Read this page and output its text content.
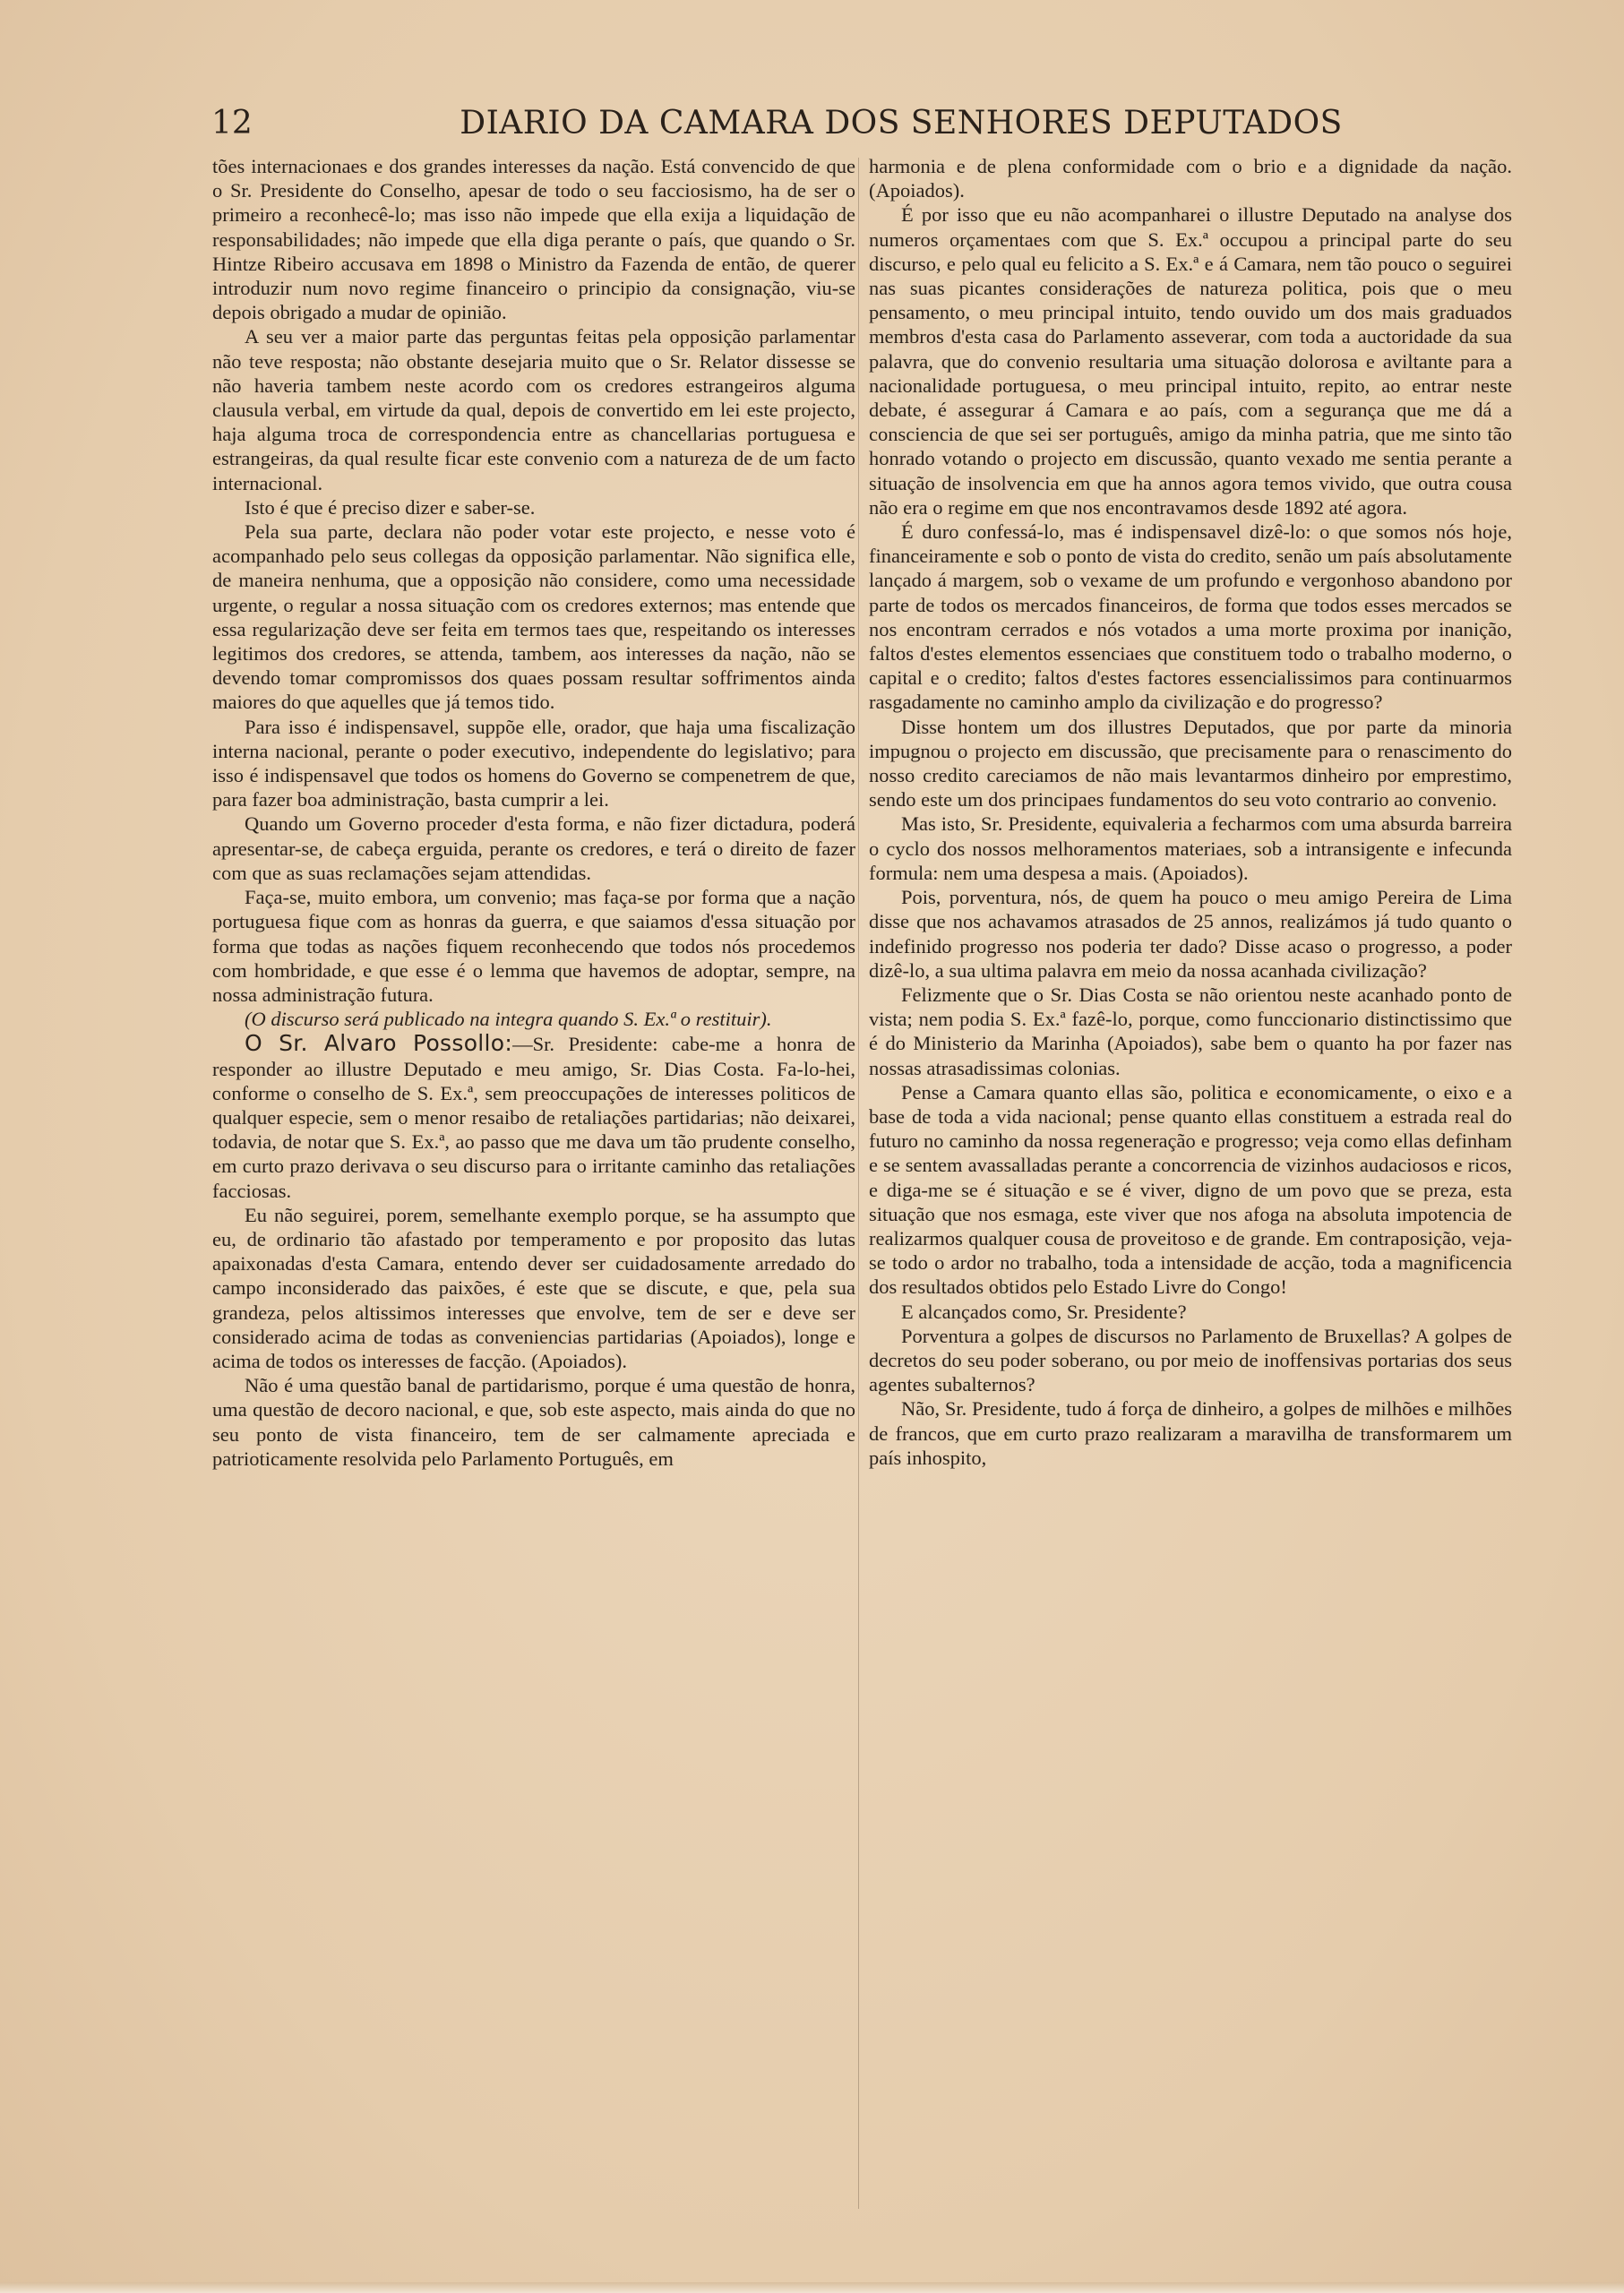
12	DIARIO DA CAMARA DOS SENHORES DEPUTADOS

tões internacionaes e dos grandes interesses da nação. Está convencido de que o Sr. Presidente do Conselho, apesar de todo o seu facciosismo, ha de ser o primeiro a reconhecê-lo; mas isso não impede que ella exija a liquidação de responsabilidades; não impede que ella diga perante o país, que quando o Sr. Hintze Ribeiro accusava em 1898 o Ministro da Fazenda de então, de querer introduzir num novo regime financeiro o principio da consignação, viu-se depois obrigado a mudar de opinião.

A seu ver a maior parte das perguntas feitas pela opposição parlamentar não teve resposta; não obstante desejaria muito que o Sr. Relator dissesse se não haveria tambem neste acordo com os credores estrangeiros alguma clausula verbal, em virtude da qual, depois de convertido em lei este projecto, haja alguma troca de correspondencia entre as chancellarias portuguesa e estrangeiras, da qual resulte ficar este convenio com a natureza de de um facto internacional.

Isto é que é preciso dizer e saber-se.

Pela sua parte, declara não poder votar este projecto, e nesse voto é acompanhado pelo seus collegas da opposição parlamentar. Não significa elle, de maneira nenhuma, que a opposição não considere, como uma necessidade urgente, o regular a nossa situação com os credores externos; mas entende que essa regularização deve ser feita em termos taes que, respeitando os interesses legitimos dos credores, se attenda, tambem, aos interesses da nação, não se devendo tomar compromissos dos quaes possam resultar soffrimentos ainda maiores do que aquelles que já temos tido.

Para isso é indispensavel, suppõe elle, orador, que haja uma fiscalização interna nacional, perante o poder executivo, independente do legislativo; para isso é indispensavel que todos os homens do Governo se compenetrem de que, para fazer boa administração, basta cumprir a lei.

Quando um Governo proceder d'esta forma, e não fizer dictadura, poderá apresentar-se, de cabeça erguida, perante os credores, e terá o direito de fazer com que as suas reclamações sejam attendidas.

Faça-se, muito embora, um convenio; mas faça-se por forma que a nação portuguesa fique com as honras da guerra, e que saiamos d'essa situação por forma que todas as nações fiquem reconhecendo que todos nós procedemos com hombridade, e que esse é o lemma que havemos de adoptar, sempre, na nossa administração futura.

(O discurso será publicado na integra quando S. Ex.ª o restituir).

O Sr. Alvaro Possollo:—Sr. Presidente: cabe-me a honra de responder ao illustre Deputado e meu amigo, Sr. Dias Costa. Fa-lo-hei, conforme o conselho de S. Ex.ª, sem preoccupações de interesses politicos de qualquer especie, sem o menor resaibo de retaliações partidarias; não deixarei, todavia, de notar que S. Ex.ª, ao passo que me dava um tão prudente conselho, em curto prazo derivava o seu discurso para o irritante caminho das retaliações facciosas.

Eu não seguirei, porem, semelhante exemplo porque, se ha assumpto que eu, de ordinario tão afastado por temperamento e por proposito das lutas apaixonadas d'esta Camara, entendo dever ser cuidadosamente arredado do campo inconsiderado das paixões, é este que se discute, e que, pela sua grandeza, pelos altissimos interesses que envolve, tem de ser e deve ser considerado acima de todas as conveniencias partidarias (Apoiados), longe e acima de todos os interesses de facção. (Apoiados).

Não é uma questão banal de partidarismo, porque é uma questão de honra, uma questão de decoro nacional, e que, sob este aspecto, mais ainda do que no seu ponto de vista financeiro, tem de ser calmamente apreciada e patrioticamente resolvida pelo Parlamento Português, em

harmonia e de plena conformidade com o brio e a dignidade da nação. (Apoiados).

É por isso que eu não acompanharei o illustre Deputado na analyse dos numeros orçamentaes com que S. Ex.ª occupou a principal parte do seu discurso, e pelo qual eu felicito a S. Ex.ª e á Camara, nem tão pouco o seguirei nas suas picantes considerações de natureza politica, pois que o meu pensamento, o meu principal intuito, tendo ouvido um dos mais graduados membros d'esta casa do Parlamento asseverar, com toda a auctoridade da sua palavra, que do convenio resultaria uma situação dolorosa e aviltante para a nacionalidade portuguesa, o meu principal intuito, repito, ao entrar neste debate, é assegurar á Camara e ao país, com a segurança que me dá a consciencia de que sei ser português, amigo da minha patria, que me sinto tão honrado votando o projecto em discussão, quanto vexado me sentia perante a situação de insolvencia em que ha annos agora temos vivido, que outra cousa não era o regime em que nos encontravamos desde 1892 até agora.

É duro confessá-lo, mas é indispensavel dizê-lo: o que somos nós hoje, financeiramente e sob o ponto de vista do credito, senão um país absolutamente lançado á margem, sob o vexame de um profundo e vergonhoso abandono por parte de todos os mercados financeiros, de forma que todos esses mercados se nos encontram cerrados e nós votados a uma morte proxima por inanição, faltos d'estes elementos essenciaes que constituem todo o trabalho moderno, o capital e o credito; faltos d'estes factores essencialissimos para continuarmos rasgadamente no caminho amplo da civilização e do progresso?

Disse hontem um dos illustres Deputados, que por parte da minoria impugnou o projecto em discussão, que precisamente para o renascimento do nosso credito careciamos de não mais levantarmos dinheiro por emprestimo, sendo este um dos principaes fundamentos do seu voto contrario ao convenio.

Mas isto, Sr. Presidente, equivaleria a fecharmos com uma absurda barreira o cyclo dos nossos melhoramentos materiaes, sob a intransigente e infecunda formula: nem uma despesa a mais. (Apoiados).

Pois, porventura, nós, de quem ha pouco o meu amigo Pereira de Lima disse que nos achavamos atrasados de 25 annos, realizámos já tudo quanto o indefinido progresso nos poderia ter dado? Disse acaso o progresso, a poder dizê-lo, a sua ultima palavra em meio da nossa acanhada civilização?

Felizmente que o Sr. Dias Costa se não orientou neste acanhado ponto de vista; nem podia S. Ex.ª fazê-lo, porque, como funccionario distinctissimo que é do Ministerio da Marinha (Apoiados), sabe bem o quanto ha por fazer nas nossas atrasadissimas colonias.

Pense a Camara quanto ellas são, politica e economicamente, o eixo e a base de toda a vida nacional; pense quanto ellas constituem a estrada real do futuro no caminho da nossa regeneração e progresso; veja como ellas definham e se sentem avassalladas perante a concorrencia de vizinhos audaciosos e ricos, e diga-me se é situação e se é viver, digno de um povo que se preza, esta situação que nos esmaga, este viver que nos afoga na absoluta impotencia de realizarmos qualquer cousa de proveitoso e de grande. Em contraposição, veja-se todo o ardor no trabalho, toda a intensidade de acção, toda a magnificencia dos resultados obtidos pelo Estado Livre do Congo!

E alcançados como, Sr. Presidente?

Porventura a golpes de discursos no Parlamento de Bruxellas? A golpes de decretos do seu poder soberano, ou por meio de inoffensivas portarias dos seus agentes subalternos?

Não, Sr. Presidente, tudo á força de dinheiro, a golpes de milhões e milhões de francos, que em curto prazo realizaram a maravilha de transformarem um país inhospito,
